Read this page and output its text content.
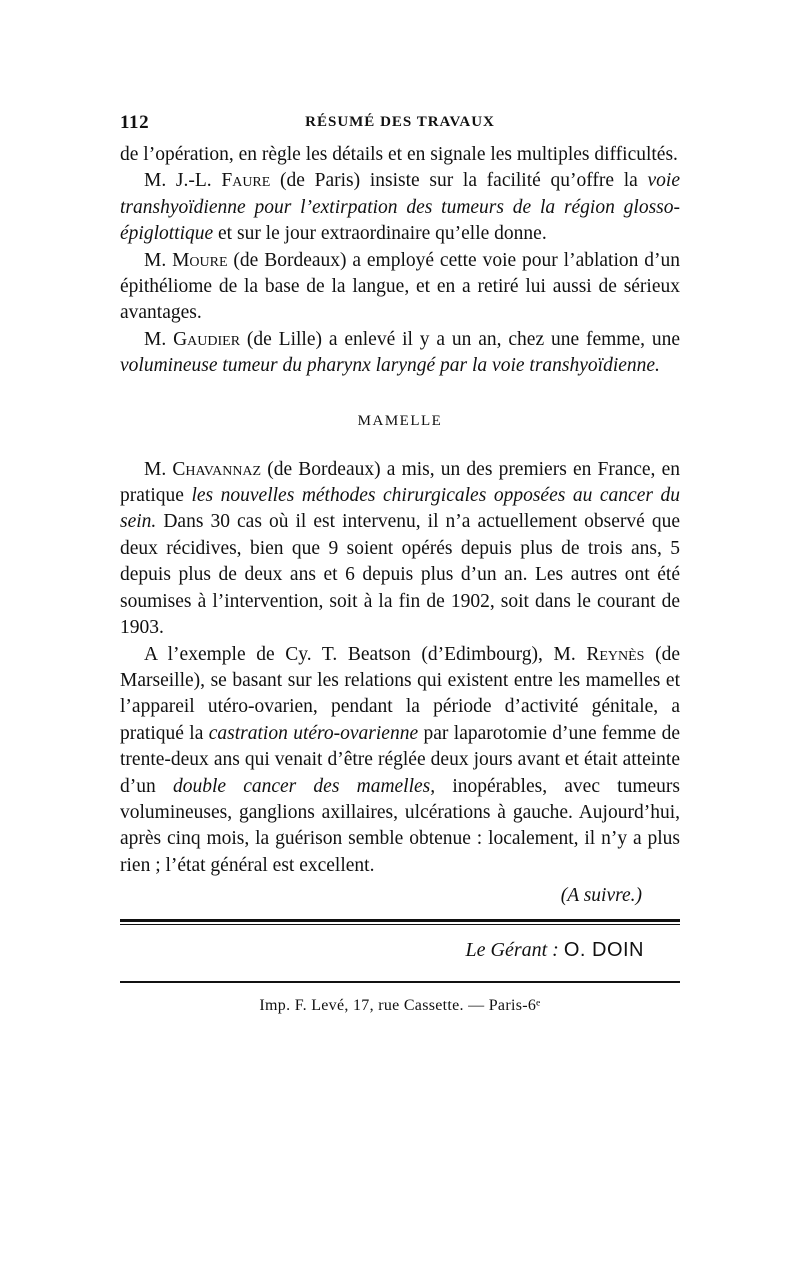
112	RÉSUMÉ DES TRAVAUX

de l’opération, en règle les détails et en signale les multiples difficultés.

M. J.-L. Faure (de Paris) insiste sur la facilité qu’offre la voie transhyoïdienne pour l’extirpation des tumeurs de la région glosso-épiglottique et sur le jour extraordinaire qu’elle donne.

M. Moure (de Bordeaux) a employé cette voie pour l’ablation d’un épithéliome de la base de la langue, et en a retiré lui aussi de sérieux avantages.

M. Gaudier (de Lille) a enlevé il y a un an, chez une femme, une volumineuse tumeur du pharynx laryngé par la voie transhyoïdienne.

MAMELLE

M. Chavannaz (de Bordeaux) a mis, un des premiers en France, en pratique les nouvelles méthodes chirurgicales opposées au cancer du sein. Dans 30 cas où il est intervenu, il n’a actuellement observé que deux récidives, bien que 9 soient opérés depuis plus de trois ans, 5 depuis plus de deux ans et 6 depuis plus d’un an. Les autres ont été soumises à l’intervention, soit à la fin de 1902, soit dans le courant de 1903.

A l’exemple de Cy. T. Beatson (d’Edimbourg), M. Reynès (de Marseille), se basant sur les relations qui existent entre les mamelles et l’appareil utéro-ovarien, pendant la période d’activité génitale, a pratiqué la castration utéro-ovarienne par laparotomie d’une femme de trente-deux ans qui venait d’être réglée deux jours avant et était atteinte d’un double cancer des mamelles, inopérables, avec tumeurs volumineuses, ganglions axillaires, ulcérations à gauche. Aujourd’hui, après cinq mois, la guérison semble obtenue : localement, il n’y a plus rien ; l’état général est excellent.

(A suivre.)
Le Gérant : O. DOIN
Imp. F. Levé, 17, rue Cassette. — Paris-6ᵉ
